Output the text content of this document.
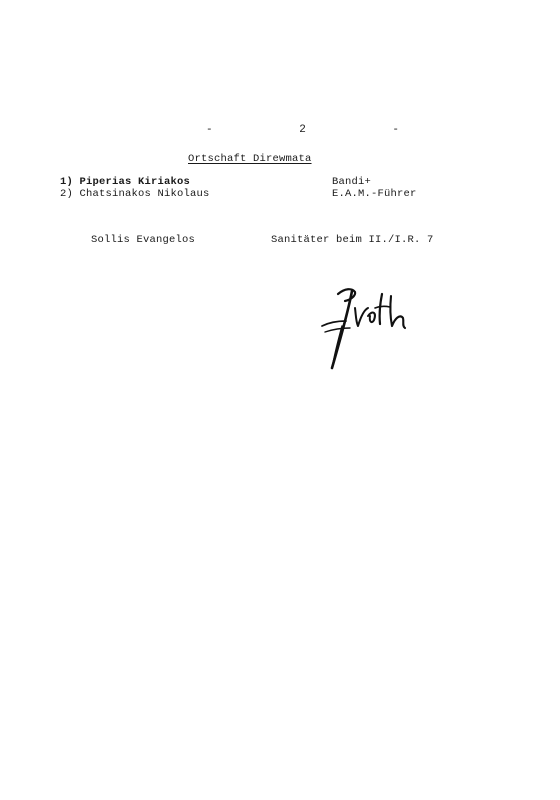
-   2   -
Ortschaft Direwmata
1) Piperias Kiriakos	Bandi+
2) Chatsinakos Nikolaus	E.A.M.-Führer
Sollis Evangelos	Sanitäter beim II./I.R. 7
